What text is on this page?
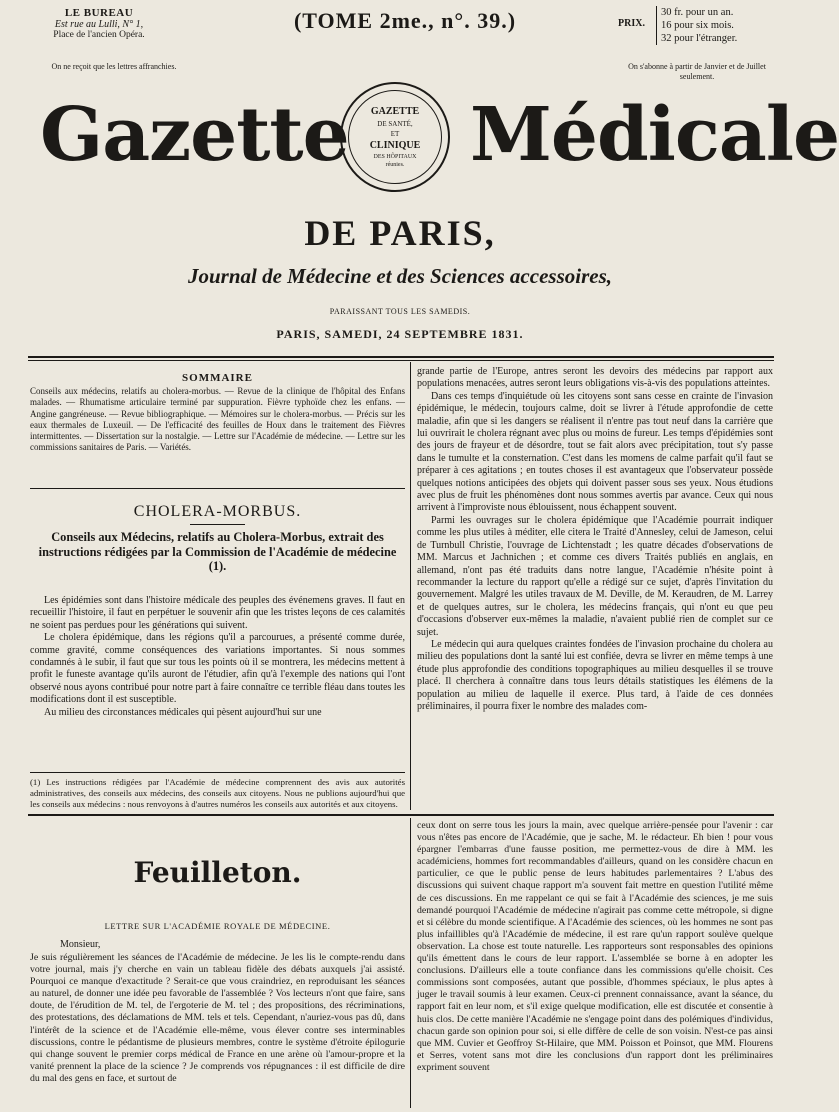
LE BUREAU
Est rue au Lulli, N° 1,
Place de l'ancien Opéra.
(TOME 2me., n°. 39.)	PRIX.
30 fr. pour un an.
16 pour six mois.
32 pour l'étranger.
On ne reçoit que les lettres affranchies.	On s'abonne à partir de Janvier et de Juillet seulement.
Gazette	GAZETTE
DE SANTÉ,
ET
CLINIQUE
DES HÔPITAUX
réunies. Médicale
DE PARIS,
Journal de Médecine et des Sciences accessoires,
PARAISSANT TOUS LES SAMEDIS.
PARIS, SAMEDI, 24 SEPTEMBRE 1831.
SOMMAIRE
Conseils aux médecins, relatifs au cholera-morbus. — Revue de la clinique de l'hôpital des Enfans malades. — Rhumatisme articulaire terminé par suppuration. Fièvre typhoïde chez les enfans. — Angine gangréneuse. — Revue bibliographique. — Mémoires sur le cholera-morbus. — Précis sur les eaux thermales de Luxeuil. — De l'efficacité des feuilles de Houx dans le traitement des Fièvres intermittentes. — Dissertation sur la nostalgie. — Lettre sur l'Académie de médecine. — Lettre sur les commissions sanitaires de Paris. — Variétés.
CHOLERA-MORBUS.
Conseils aux Médecins, relatifs au Cholera-Morbus, extrait des instructions rédigées par la Commission de l'Académie de médecine (1).

Les épidémies sont dans l'histoire médicale des peuples des événemens graves. Il faut en recueillir l'histoire, il faut en perpétuer le souvenir afin que les tristes leçons de ces calamités ne soient pas perdues pour les générations qui suivent.

Le cholera épidémique, dans les régions qu'il a parcourues, a présenté comme durée, comme gravité, comme conséquences des variations importantes. Si nous sommes condamnés à le subir, il faut que sur tous les points où il se montrera, les médecins mettent à profit le funeste avantage qu'ils auront de l'étudier, afin qu'à l'exemple des nations qui l'ont observé nous ayons contribué pour notre part à faire connaître ce terrible fléau dans toutes les modifications dont il est susceptible.

Au milieu des circonstances médicales qui pèsent aujourd'hui sur une

(1) Les instructions rédigées par l'Académie de médecine comprennent des avis aux autorités administratives, des conseils aux médecins, des conseils aux citoyens. Nous ne publions aujourd'hui que les conseils aux médecins : nous renvoyons à d'autres numéros les conseils aux autorités et aux citoyens.

grande partie de l'Europe, antres seront les devoirs des médecins par rapport aux populations menacées, autres seront leurs obligations vis-à-vis des populations atteintes.

Dans ces temps d'inquiétude où les citoyens sont sans cesse en crainte de l'invasion épidémique, le médecin, toujours calme, doit se livrer à l'étude approfondie de cette maladie, afin que si les dangers se réalisent il n'entre pas tout neuf dans la carrière que lui ouvrirait le cholera régnant avec plus ou moins de fureur. Les temps d'épidémies sont des jours de frayeur et de désordre, tout se fait alors avec précipitation, tout s'y passe dans le tumulte et la consternation. C'est dans les momens de calme parfait qu'il faut se préparer à ces agitations ; en toutes choses il est avantageux que l'observateur possède quelques notions anticipées des objets qui doivent passer sous ses yeux. Nous étudions avec plus de fruit les phénomènes dont nous sommes avertis par avance. Ceux qui nous arrivent à l'improviste nous éblouissent, nous échappent souvent.

Parmi les ouvrages sur le cholera épidémique que l'Académie pourrait indiquer comme les plus utiles à méditer, elle citera le Traité d'Annesley, celui de Jameson, celui de Turnbull Christie, l'ouvrage de Lichtenstadt ; les quatre décades d'observations de MM. Marcus et Jachnichen ; et comme ces divers Traités publiés en anglais, en allemand, n'ont pas été traduits dans notre langue, l'Académie n'hésite point à recommander la lecture du rapport qu'elle a rédigé sur ce sujet, d'après l'invitation du gouvernement. Malgré les utiles travaux de M. Deville, de M. Keraudren, de M. Larrey et de quelques autres, sur le cholera, les médecins français, qui n'ont eu que peu d'occasions d'observer eux-mêmes la maladie, n'avaient publié rien de complet sur ce sujet.

Le médecin qui aura quelques craintes fondées de l'invasion prochaine du cholera au milieu des populations dont la santé lui est confiée, devra se livrer en même temps à une étude plus approfondie des conditions topographiques au milieu desquelles il se trouve placé. Il cherchera à connaître dans tous leurs détails statistiques les élémens de la population au milieu de laquelle il exerce. Plus tard, à l'aide de ces données préliminaires, il pourra fixer le nombre des malades com-

Feuilleton.
LETTRE SUR L'ACADÉMIE ROYALE DE MÉDECINE.
Monsieur,
Je suis régulièrement les séances de l'Académie de médecine. Je les lis le compte-rendu dans votre journal, mais j'y cherche en vain un tableau fidèle des débats auxquels j'ai assisté. Pourquoi ce manque d'exactitude ? Serait-ce que vous craindriez, en reproduisant les séances au naturel, de donner une idée peu favorable de l'assemblée ? Vos lecteurs n'ont que faire, sans doute, de l'érudition de M. tel, de l'ergoterie de M. tel ; des propositions, des récriminations, des protestations, des déclamations de MM. tels et tels. Cependant, n'auriez-vous pas dû, dans l'intérêt de la science et de l'Académie elle-même, vous élever contre ses interminables discussions, contre le pédantisme de plusieurs membres, contre le système d'étroite épilogurie qui change souvent le premier corps médical de France en une arène où l'amour-propre et la vanité prennent la place de la science ? Je comprends vos répugnances : il est difficile de dire du mal des gens en face, et surtout de
ceux dont on serre tous les jours la main, avec quelque arrière-pensée pour l'avenir : car vous n'êtes pas encore de l'Académie, que je sache, M. le rédacteur. Eh bien ! pour vous épargner l'embarras d'une fausse position, me permettez-vous de dire à MM. les académiciens, hommes fort recommandables d'ailleurs, quand on les considère chacun en particulier, ce que le public pense de leurs habitudes parlementaires ? L'abus des discussions qui suivent chaque rapport m'a souvent fait mettre en question l'utilité même de ces discussions. En me rappelant ce qui se fait à l'Académie des sciences, je me suis demandé pourquoi l'Académie de médecine n'agirait pas comme cette métropole, si digne et si célèbre du monde scientifique. A l'Académie des sciences, où les hommes ne sont pas plus infaillibles qu'à l'Académie de médecine, il est rare qu'un rapport soulève quelque observation. La chose est toute naturelle. Les rapporteurs sont responsables des opinions qu'ils émettent dans le cours de leur rapport. L'assemblée se borne à en adopter les conclusions. D'ailleurs elle a toute confiance dans les commissions qu'elle choisit. Ces commissions sont composées, autant que possible, d'hommes spéciaux, le plus aptes à juger le travail soumis à leur examen. Ceux-ci prennent connaissance, avant la séance, du rapport fait en leur nom, et s'il exige quelque modification, elle est discutée et consentie à huis clos. De cette manière l'Académie ne s'engage point dans des polémiques d'individus, chacun garde son opinion pour soi, si elle diffère de celle de son voisin. N'est-ce pas ainsi que MM. Cuvier et Geoffroy St-Hilaire, que MM. Poisson et Poinsot, que MM. Flourens et Serres, votent sans mot dire les conclusions d'un rapport dont les préliminaires expriment souvent
